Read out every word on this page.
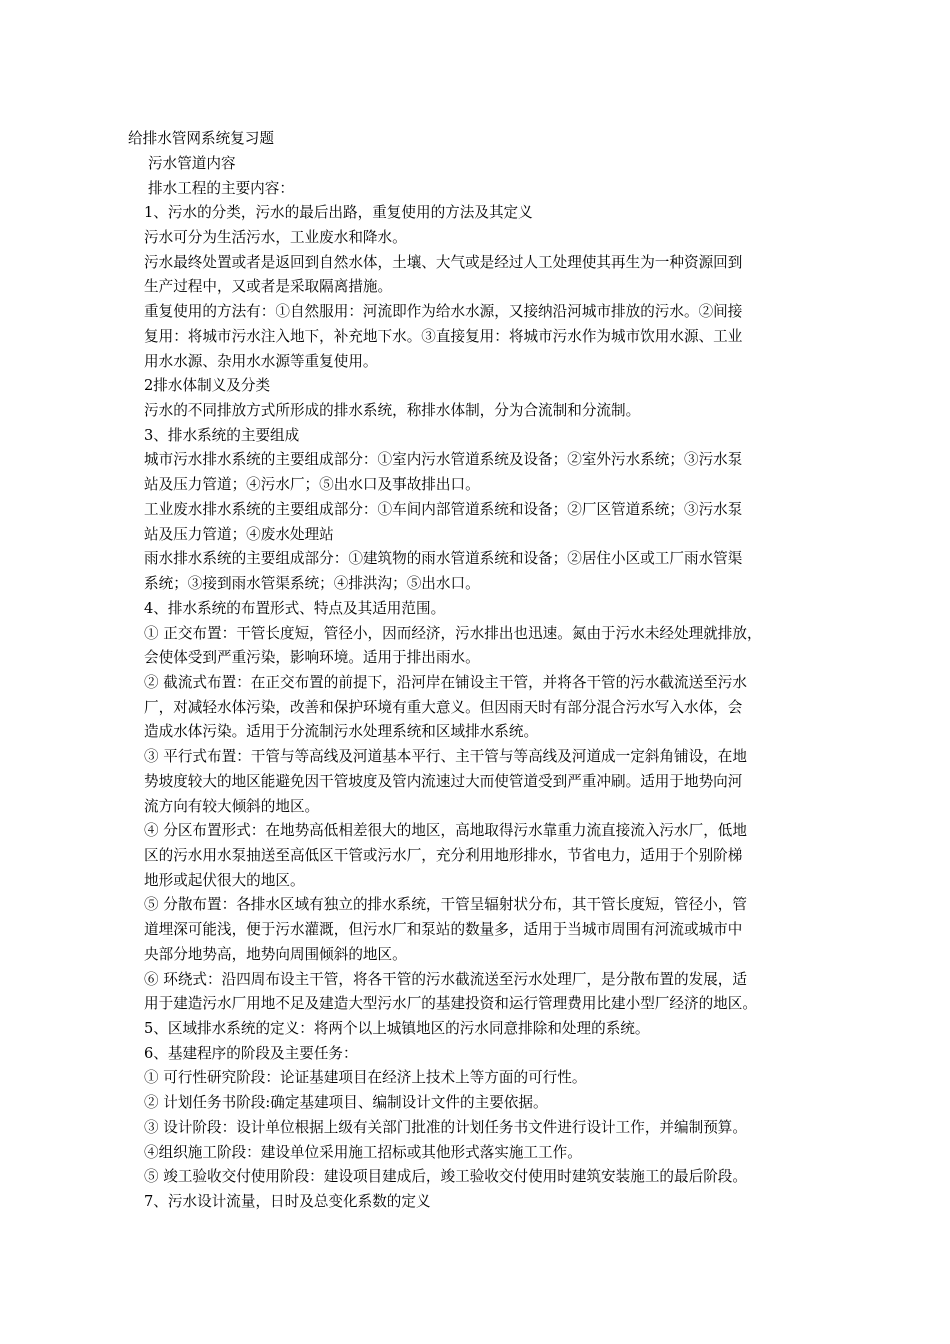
给排水管网系统复习题

污水管道内容

排水工程的主要内容：

1、污水的分类，污水的最后出路，重复使用的方法及其定义

污水可分为生活污水，工业废水和降水。

污水最终处置或者是返回到自然水体，土壤、大气或是经过人工处理使其再生为一种资源回到

生产过程中，又或者是采取隔离措施。

重复使用的方法有：①自然服用：河流即作为给水水源，又接纳沿河城市排放的污水。②间接

复用：将城市污水注入地下，补充地下水。③直接复用：将城市污水作为城市饮用水源、工业

用水水源、杂用水水源等重复使用。

2排水体制义及分类

污水的不同排放方式所形成的排水系统，称排水体制，分为合流制和分流制。

3、排水系统的主要组成

城市污水排水系统的主要组成部分：①室内污水管道系统及设备；②室外污水系统；③污水泵

站及压力管道；④污水厂；⑤出水口及事故排出口。

工业废水排水系统的主要组成部分：①车间内部管道系统和设备；②厂区管道系统；③污水泵

站及压力管道；④废水处理站

雨水排水系统的主要组成部分：①建筑物的雨水管道系统和设备；②居住小区或工厂雨水管渠

系统；③接到雨水管渠系统；④排洪沟；⑤出水口。

4、排水系统的布置形式、特点及其适用范围。

① 正交布置：干管长度短，管径小，因而经济，污水排出也迅速。氮由于污水未经处理就排放，

会使体受到严重污染，影响环境。适用于排出雨水。

② 截流式布置：在正交布置的前提下，沿河岸在铺设主干管，并将各干管的污水截流送至污水

厂，对减轻水体污染，改善和保护环境有重大意义。但因雨天时有部分混合污水写入水体，会

造成水体污染。适用于分流制污水处理系统和区域排水系统。

③ 平行式布置：干管与等高线及河道基本平行、主干管与等高线及河道成一定斜角铺设，在地

势坡度较大的地区能避免因干管坡度及管内流速过大而使管道受到严重冲刷。适用于地势向河

流方向有较大倾斜的地区。

④ 分区布置形式：在地势高低相差很大的地区，高地取得污水靠重力流直接流入污水厂，低地

区的污水用水泵抽送至高低区干管或污水厂，充分利用地形排水，节省电力，适用于个别阶梯

地形或起伏很大的地区。

⑤ 分散布置：各排水区域有独立的排水系统，干管呈辐射状分布，其干管长度短，管径小，管

道埋深可能浅，便于污水灌溉，但污水厂和泵站的数量多，适用于当城市周围有河流或城市中

央部分地势高，地势向周围倾斜的地区。

⑥ 环绕式：沿四周布设主干管，将各干管的污水截流送至污水处理厂，是分散布置的发展，适

用于建造污水厂用地不足及建造大型污水厂的基建投资和运行管理费用比建小型厂经济的地区。

5、区域排水系统的定义：将两个以上城镇地区的污水同意排除和处理的系统。

6、基建程序的阶段及主要任务：

① 可行性研究阶段：论证基建项目在经济上技术上等方面的可行性。

② 计划任务书阶段:确定基建项目、编制设计文件的主要依据。

③ 设计阶段：设计单位根据上级有关部门批准的计划任务书文件进行设计工作，并编制预算。

④组织施工阶段：建设单位采用施工招标或其他形式落实施工工作。

⑤ 竣工验收交付使用阶段：建设项目建成后，竣工验收交付使用时建筑安装施工的最后阶段。

7、污水设计流量，日时及总变化系数的定义
